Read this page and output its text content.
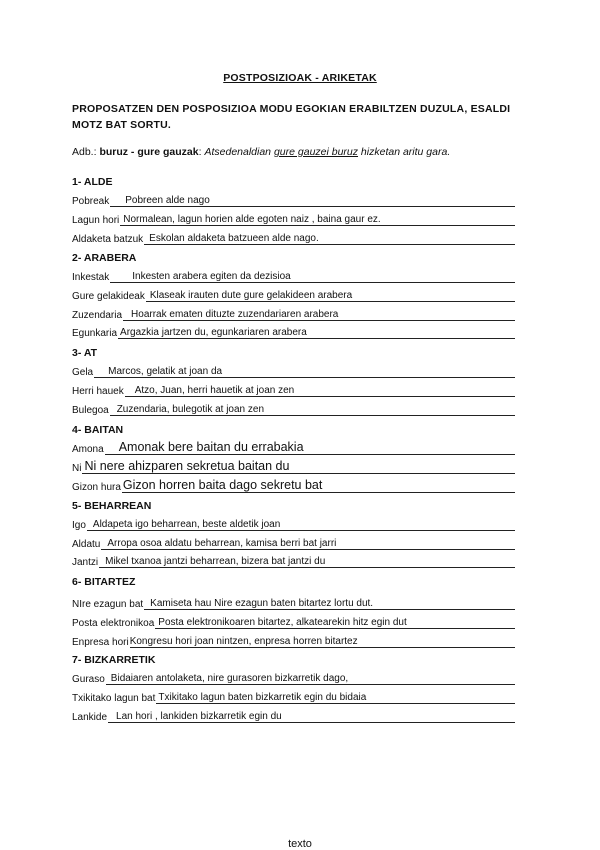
POSTPOSIZIOAK - ARIKETAK
PROPOSATZEN DEN POSPOSIZIOA MODU EGOKIAN ERABILTZEN DUZULA, ESALDI MOTZ BAT SORTU.
Adb.: buruz - gure gauzak: Atsedenaldian gure gauzei buruz hizketan aritu gara.
1- ALDE
Pobreak Pobreen alde nago
Lagun hori Normalean, lagun horien alde egoten naiz , baina gaur ez.
Aldaketa batzuk Eskolan aldaketa batzueen alde nago.
2- ARABERA
Inkestak Inkesten arabera egiten da dezisioa
Gure gelakideak Klaseak irauten dute gure gelakideen arabera
Zuzendaria Hoarrak ematen dituzte zuzendariaren arabera
Egunkaria Argazkia jartzen du, egunkariaren arabera
3- AT
Gela Marcos, gelatik at joan da
Herri hauek Atzo, Juan, herri hauetik at joan zen
Bulegoa Zuzendaria, bulegotik at joan zen
4- BAITAN
Amona Amonak bere baitan du errabakia
Ni Ni nere ahizparen sekretua baitan du
Gizon hura Gizon horren baita dago sekretu bat
5- BEHARREAN
Igo Aldapeta igo beharrean, beste aldetik joan
Aldatu Arropa osoa aldatu beharrean, kamisa berri bat jarri
Jantzi Mikel txanoa jantzi beharrean, bizera bat jantzi du
6- BITARTEZ
NIre ezagun bat Kamiseta hau Nire ezagun baten bitartez lortu dut.
Posta elektronikoa Posta elektronikoaren bitartez, alkatearekin hitz egin dut
Enpresa hori Kongresu hori joan nintzen, enpresa horren bitartez
7- BIZKARRETIK
Guraso Bidaiaren antolaketa, nire gurasoren bizkarretik dago,
Txikitako lagun bat Txikitako lagun baten bizkarretik egin du bidaia
Lankide Lan hori , lankiden bizkarretik egin du
texto
